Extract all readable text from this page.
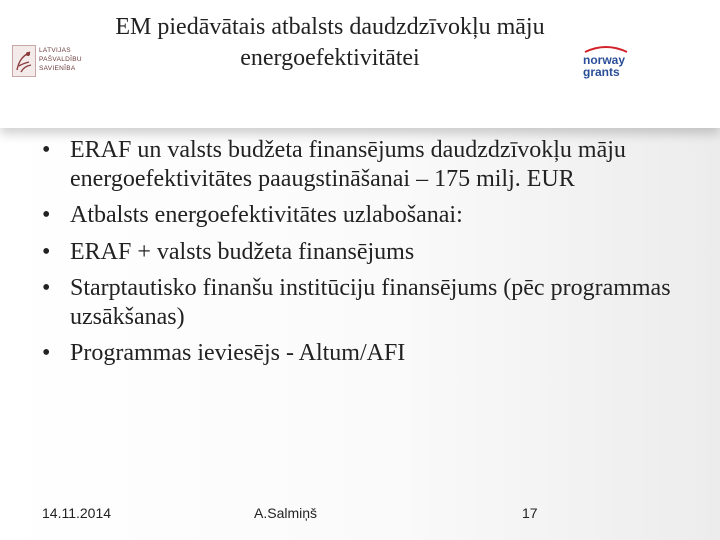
LATVIJAS
PAŠVALDĪBU
SAVIENĪBA
EM piedāvātais atbalsts daudzdzīvokļu māju energoefektivitātei	norway
grants
• ERAF un valsts budžeta finansējums daudzdzīvokļu māju energoefektivitātes paaugstināšanai – 175 milj. EUR
• Atbalsts energoefektivitātes uzlabošanai:
• ERAF + valsts budžeta finansējums
• Starptautisko finanšu institūciju finansējums (pēc programmas uzsākšanas)
• Programmas ieviesējs - Altum/AFI
14.11.2014	A.Salmiņš	17
